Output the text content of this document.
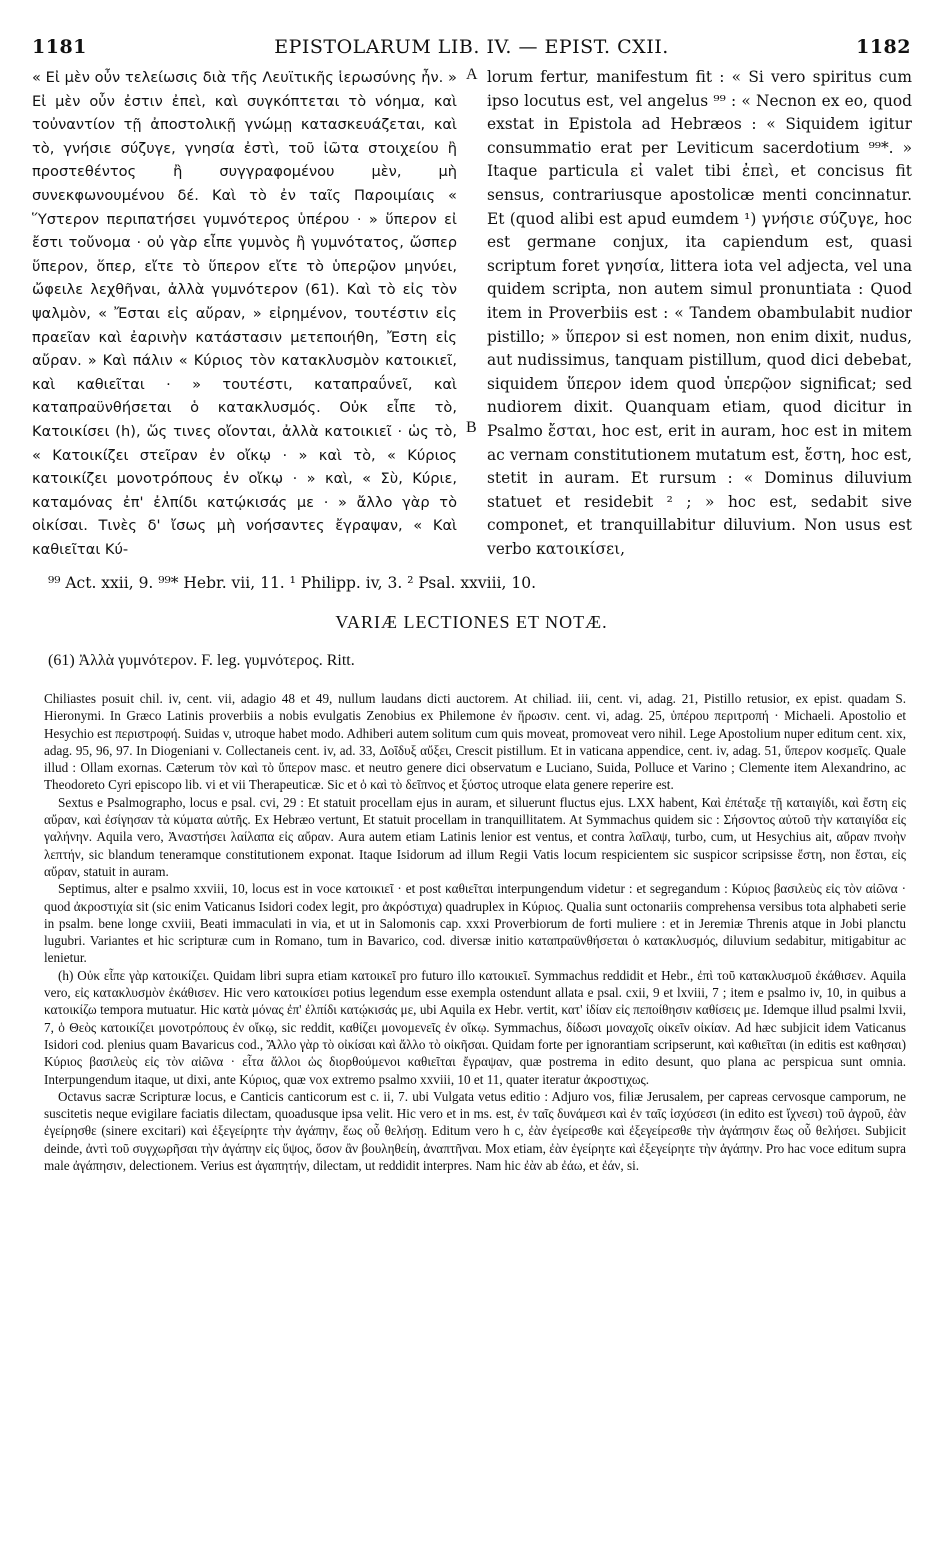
1181	EPISTOLARUM LIB. IV. — EPIST. CXII.	1182

« Εἰ μὲν οὖν τελείωσις διὰ τῆς Λευϊτικῆς ἱερωσύνης ἦν. » Εἰ μὲν οὖν ἐστιν ἐπεὶ, καὶ συγκόπτεται τὸ νόημα, καὶ τοὐναντίον τῇ ἀποστολικῇ γνώμῃ κατασκευάζεται, καὶ τὸ, γνήσιε σύζυγε, γνησία ἐστὶ, τοῦ ἰῶτα στοιχείου ἢ προστεθέντος ἢ συγγραφομένου μὲν, μὴ συνεκφωνουμένου δέ. Καὶ τὸ ἐν ταῖς Παροιμίαις « Ὕστερον περιπατήσει γυμνότερος ὑπέρου · » ὕπερον εἰ ἔστι τοὔνομα · οὐ γὰρ εἶπε γυμνὸς ἢ γυμνότατος, ὥσπερ ὕπερον, ὅπερ, εἴτε τὸ ὕπερον εἴτε τὸ ὑπερῷον μηνύει, ὤφειλε λεχθῆναι, ἀλλὰ γυμνότερον (61). Καὶ τὸ εἰς τὸν ψαλμὸν, « Ἔσται εἰς αὔραν, » εἰρημένον, τουτέστιν εἰς πραεῖαν καὶ ἐαρινὴν κατάστασιν μετεποιήθη, Ἔστη εἰς αὔραν. » Καὶ πάλιν « Κύριος τὸν κατακλυσμὸν κατοικιεῖ, καὶ καθιεῖται · » τουτέστι, καταπραΰνεῖ, καὶ καταπραϋνθήσεται ὁ κατακλυσμός. Οὐκ εἶπε τὸ, Κατοικίσει (h), ὥς τινες οἴονται, ἀλλὰ κατοικιεῖ · ὡς τὸ, « Κατοικίζει στεῖραν ἐν οἴκῳ · » καὶ τὸ, « Κύριος κατοικίζει μονοτρόπους ἐν οἴκῳ · » καὶ, « Σὺ, Κύριε, καταμόνας ἐπ' ἐλπίδι κατῴκισάς με · » ἄλλο γὰρ τὸ οἰκίσαι. Τινὲς δ' ἴσως μὴ νοήσαντες ἔγραψαν, « Καὶ καθιεῖται Κύ-

A
B

lorum fertur, manifestum fit : « Si vero spiritus cum ipso locutus est, vel angelus ⁹⁹ : « Necnon ex eo, quod exstat in Epistola ad Hebræos : « Siquidem igitur consummatio erat per Leviticum sacerdotium ⁹⁹*. » Itaque particula εἰ valet tibi ἐπεὶ, et concisus fit sensus, contrariusque apostolicæ menti concinnatur. Et (quod alibi est apud eumdem ¹) γνήσιε σύζυγε, hoc est germane conjux, ita capiendum est, quasi scriptum foret γνησία, littera iota vel adjecta, vel una quidem scripta, non autem simul pronuntiata : Quod item in Proverbiis est : « Tandem obambulabit nudior pistillo; » ὕπερον si est nomen, non enim dixit, nudus, aut nudissimus, tanquam pistillum, quod dici debebat, siquidem ὕπερον idem quod ὑπερῷον significat; sed nudiorem dixit. Quanquam etiam, quod dicitur in Psalmo ἔσται, hoc est, erit in auram, hoc est in mitem ac vernam constitutionem mutatum est, ἔστη, hoc est, stetit in auram. Et rursum : « Dominus diluvium statuet et residebit ² ; » hoc est, sedabit sive componet, et tranquillabitur diluvium. Non usus est verbo κατοικίσει,

⁹⁹ Act. xxii, 9. ⁹⁹* Hebr. vii, 11. ¹ Philipp. iv, 3. ² Psal. xxviii, 10.
VARIÆ LECTIONES ET NOTÆ.
(61) Ἀλλὰ γυμνότερον. F. leg. γυμνότερος. Ritt.

Chiliastes posuit chil. iv, cent. vii, adagio 48 et 49, nullum laudans dicti auctorem. At chiliad. iii, cent. vi, adag. 21, Pistillo retusior, ex epist. quadam S. Hieronymi. In Græco Latinis proverbiis a nobis evulgatis Zenobius ex Philemone ἐν ἥρωσιν. cent. vi, adag. 25, ὑπέρου περιτροπή · Michaeli. Apostolio et Hesychio est περιστροφή. Suidas v, utroque habet modo. Adhiberi autem solitum cum quis moveat, promoveat vero nihil. Lege Apostolium nuper editum cent. xix, adag. 95, 96, 97. In Diogeniani v. Collectaneis cent. iv, ad. 33, Δοῖδυξ αὔξει, Crescit pistillum. Et in vaticana appendice, cent. iv, adag. 51, ὕπερον κοσμεῖς. Quale illud : Ollam exornas. Cæterum τὸν καὶ τὸ ὕπερον masc. et neutro genere dici observatum e Luciano, Suida, Polluce et Varino ; Clemente item Alexandrino, ac Theodoreto Cyri episcopo lib. vi et vii Therapeuticæ. Sic et ὁ καὶ τὸ δεῖπνος et ξύστος utroque elata genere reperire est.

Sextus e Psalmographo, locus e psal. cvi, 29 : Et statuit procellam ejus in auram, et siluerunt fluctus ejus. LXX habent, Καὶ ἐπέταξε τῇ καταιγίδι, καὶ ἔστη εἰς αὔραν, καὶ ἐσίγησαν τὰ κύματα αὐτῆς. Ex Hebræo vertunt, Et statuit procellam in tranquillitatem. At Symmachus quidem sic : Σήσοντος αὐτοῦ τὴν καταιγίδα εἰς γαλήνην. Aquila vero, Ἀναστήσει λαίλαπα εἰς αὔραν. Aura autem etiam Latinis lenior est ventus, et contra λαῖλαψ, turbo, cum, ut Hesychius ait, αὔραν πνοὴν λεπτήν, sic blandum teneramque constitutionem exponat. Itaque Isidorum ad illum Regii Vatis locum respicientem sic suspicor scripsisse ἔστη, non ἔσται, εἰς αὔραν, statuit in auram.

Septimus, alter e psalmo xxviii, 10, locus est in voce κατοικιεῖ · et post καθιεῖται interpungendum videtur : et segregandum : Κύριος βασιλεὺς εἰς τὸν αἰῶνα · quod ἀκροστιχία sit (sic enim Vaticanus Isidori codex legit, pro ἀκρόστιχα) quadruplex in Κύριος. Qualia sunt octonariis comprehensa versibus tota alphabeti serie in psalm. bene longe cxviii, Beati immaculati in via, et ut in Salomonis cap. xxxi Proverbiorum de forti muliere : et in Jeremiæ Threnis atque in Jobi planctu lugubri. Variantes et hic scripturæ cum in Romano, tum in Bavarico, cod. diversæ initio καταπραϋνθήσεται ὁ κατακλυσμός, diluvium sedabitur, mitigabitur ac lenietur.

(h) Οὐκ εἶπε γὰρ κατοικίζει. Quidam libri supra etiam κατοικεῖ pro futuro illo κατοικιεῖ. Symmachus reddidit et Hebr., ἐπὶ τοῦ κατακλυσμοῦ ἐκάθισεν. Aquila vero, εἰς κατακλυσμὸν ἐκάθισεν. Hic vero κατοικίσει potius legendum esse exempla ostendunt allata e psal. cxii, 9 et lxviii, 7 ; item e psalmo iv, 10, in quibus a κατοικίζω tempora mutuatur. Hic κατὰ μόνας ἐπ' ἐλπίδι κατῴκισάς με, ubi Aquila ex Hebr. vertit, κατ' ἰδίαν εἰς πεποίθησιν καθίσεις με. Idemque illud psalmi lxvii, 7, ὁ Θεὸς κατοικίζει μονοτρόπους ἐν οἴκῳ, sic reddit, καθίζει μονομενεῖς ἐν οἴκῳ. Symmachus, δίδωσι μοναχοῖς οἰκεῖν οἰκίαν. Ad hæc subjicit idem Vaticanus Isidori cod. plenius quam Bavaricus cod., Ἄλλο γὰρ τὸ οἰκίσαι καὶ ἄλλο τὸ οἰκῆσαι. Quidam forte per ignorantiam scripserunt, καὶ καθιεῖται (in editis est καθησαι) Κύριος βασιλεὺς εἰς τὸν αἰῶνα · εἶτα ἄλλοι ὡς διορθούμενοι καθιεῖται ἔγραψαν, quæ postrema in edito desunt, quo plana ac perspicua sunt omnia. Interpungendum itaque, ut dixi, ante Κύριος, quæ vox extremo psalmo xxviii, 10 et 11, quater iteratur ἀκροστιχως.

Octavus sacræ Scripturæ locus, e Canticis canticorum est c. ii, 7. ubi Vulgata vetus editio : Adjuro vos, filiæ Jerusalem, per capreas cervosque camporum, ne suscitetis neque evigilare faciatis dilectam, quoadusque ipsa velit. Hic vero et in ms. est, ἐν ταῖς δυνάμεσι καὶ ἐν ταῖς ἰσχύσεσι (in edito est ἴχνεσι) τοῦ ἀγροῦ, ἐὰν ἐγείρησθε (sinere excitari) καὶ ἐξεγείρητε τὴν ἀγάπην, ἕως οὗ θελήσῃ. Editum vero h c, ἐὰν ἐγείρεσθε καὶ ἐξεγείρεσθε τὴν ἀγάπησιν ἕως οὗ θελήσει. Subjicit deinde, ἀντὶ τοῦ συγχωρῆσαι τὴν ἀγάπην εἰς ὕψος, ὅσον ἂν βουληθείη, ἀναπτῆναι. Mox etiam, ἐὰν ἐγείρητε καὶ ἐξεγείρητε τὴν ἀγάπην. Pro hac voce editum supra male ἀγάπησιν, delectionem. Verius est ἀγαπητήν, dilectam, ut reddidit interpres. Nam hic ἐὰν ab ἐάω, et ἐάν, si.
